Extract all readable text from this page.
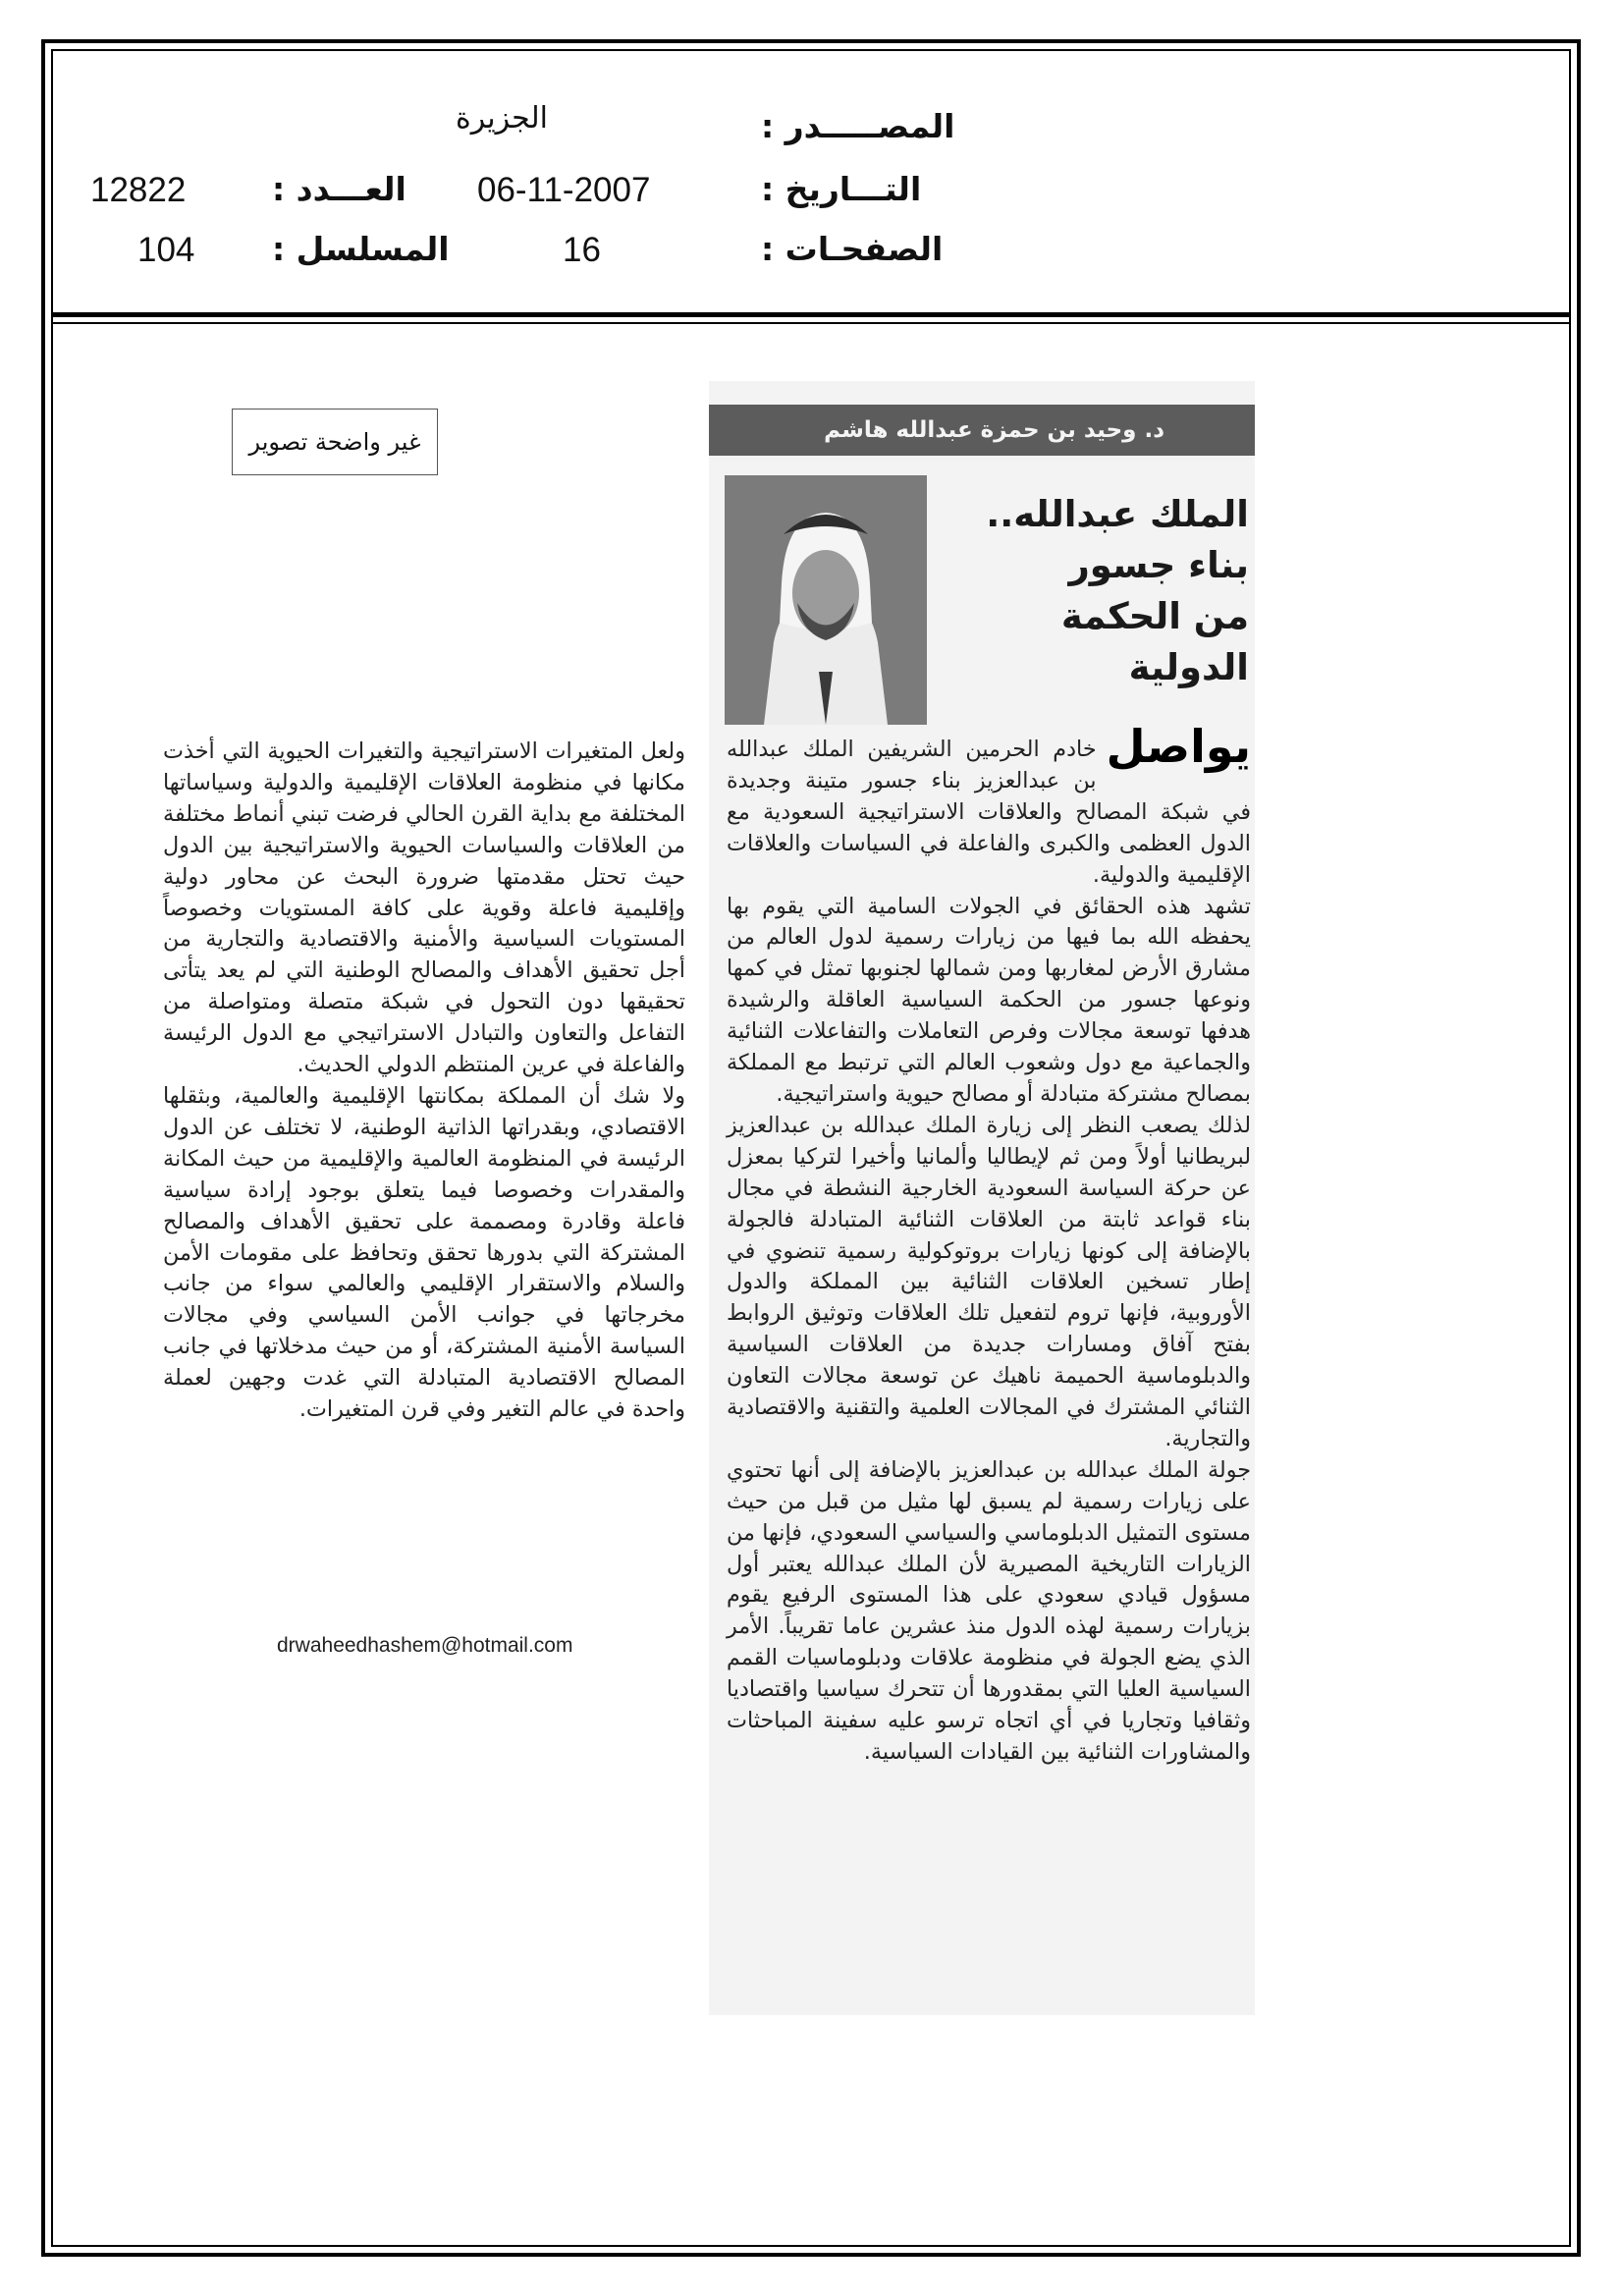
المصـــــدر :
الجزيرة
التـــاريخ :
06-11-2007
العـــدد :
12822
الصفحـات :
16
المسلسل :
104
غير واضحة تصوير	د. وحيد بن حمزة عبدالله هاشم
الملك عبدالله.. بناء جسور
من الحكمة الدولية

يواصل
خادم الحرمين الشريفين الملك عبدالله بن عبدالعزيز بناء جسور متينة وجديدة في شبكة المصالح والعلاقات الاستراتيجية السعودية مع الدول العظمى والكبرى والفاعلة في السياسات والعلاقات الإقليمية والدولية.

تشهد هذه الحقائق في الجولات السامية التي يقوم بها يحفظه الله بما فيها من زيارات رسمية لدول العالم من مشارق الأرض لمغاربها ومن شمالها لجنوبها تمثل في كمها ونوعها جسور من الحكمة السياسية العاقلة والرشيدة هدفها توسعة مجالات وفرص التعاملات والتفاعلات الثنائية والجماعية مع دول وشعوب العالم التي ترتبط مع المملكة بمصالح مشتركة متبادلة أو مصالح حيوية واستراتيجية.

لذلك يصعب النظر إلى زيارة الملك عبدالله بن عبدالعزيز لبريطانيا أولاً ومن ثم لإيطاليا وألمانيا وأخيرا لتركيا بمعزل عن حركة السياسة السعودية الخارجية النشطة في مجال بناء قواعد ثابتة من العلاقات الثنائية المتبادلة فالجولة بالإضافة إلى كونها زيارات بروتوكولية رسمية تنضوي في إطار تسخين العلاقات الثنائية بين المملكة والدول الأوروبية، فإنها تروم لتفعيل تلك العلاقات وتوثيق الروابط بفتح آفاق ومسارات جديدة من العلاقات السياسية والدبلوماسية الحميمة ناهيك عن توسعة مجالات التعاون الثنائي المشترك في المجالات العلمية والتقنية والاقتصادية والتجارية.

جولة الملك عبدالله بن عبدالعزيز بالإضافة إلى أنها تحتوي على زيارات رسمية لم يسبق لها مثيل من قبل من حيث مستوى التمثيل الدبلوماسي والسياسي السعودي، فإنها من الزيارات التاريخية المصيرية لأن الملك عبدالله يعتبر أول مسؤول قيادي سعودي على هذا المستوى الرفيع يقوم بزيارات رسمية لهذه الدول منذ عشرين عاما تقريباً. الأمر الذي يضع الجولة في منظومة علاقات ودبلوماسيات القمم السياسية العليا التي بمقدورها أن تتحرك سياسيا واقتصاديا وثقافيا وتجاريا في أي اتجاه ترسو عليه سفينة المباحثات والمشاورات الثنائية بين القيادات السياسية.

ولعل المتغيرات الاستراتيجية والتغيرات الحيوية التي أخذت مكانها في منظومة العلاقات الإقليمية والدولية وسياساتها المختلفة مع بداية القرن الحالي فرضت تبني أنماط مختلفة من العلاقات والسياسات الحيوية والاستراتيجية بين الدول حيث تحتل مقدمتها ضرورة البحث عن محاور دولية وإقليمية فاعلة وقوية على كافة المستويات وخصوصاً المستويات السياسية والأمنية والاقتصادية والتجارية من أجل تحقيق الأهداف والمصالح الوطنية التي لم يعد يتأتى تحقيقها دون التحول في شبكة متصلة ومتواصلة من التفاعل والتعاون والتبادل الاستراتيجي مع الدول الرئيسة والفاعلة في عرين المنتظم الدولي الحديث.

ولا شك أن المملكة بمكانتها الإقليمية والعالمية، وبثقلها الاقتصادي، وبقدراتها الذاتية الوطنية، لا تختلف عن الدول الرئيسة في المنظومة العالمية والإقليمية من حيث المكانة والمقدرات وخصوصا فيما يتعلق بوجود إرادة سياسية فاعلة وقادرة ومصممة على تحقيق الأهداف والمصالح المشتركة التي بدورها تحقق وتحافظ على مقومات الأمن والسلام والاستقرار الإقليمي والعالمي سواء من جانب مخرجاتها في جوانب الأمن السياسي وفي مجالات السياسة الأمنية المشتركة، أو من حيث مدخلاتها في جانب المصالح الاقتصادية المتبادلة التي غدت وجهين لعملة واحدة في عالم التغير وفي قرن المتغيرات.

drwaheedhashem@hotmail.com
